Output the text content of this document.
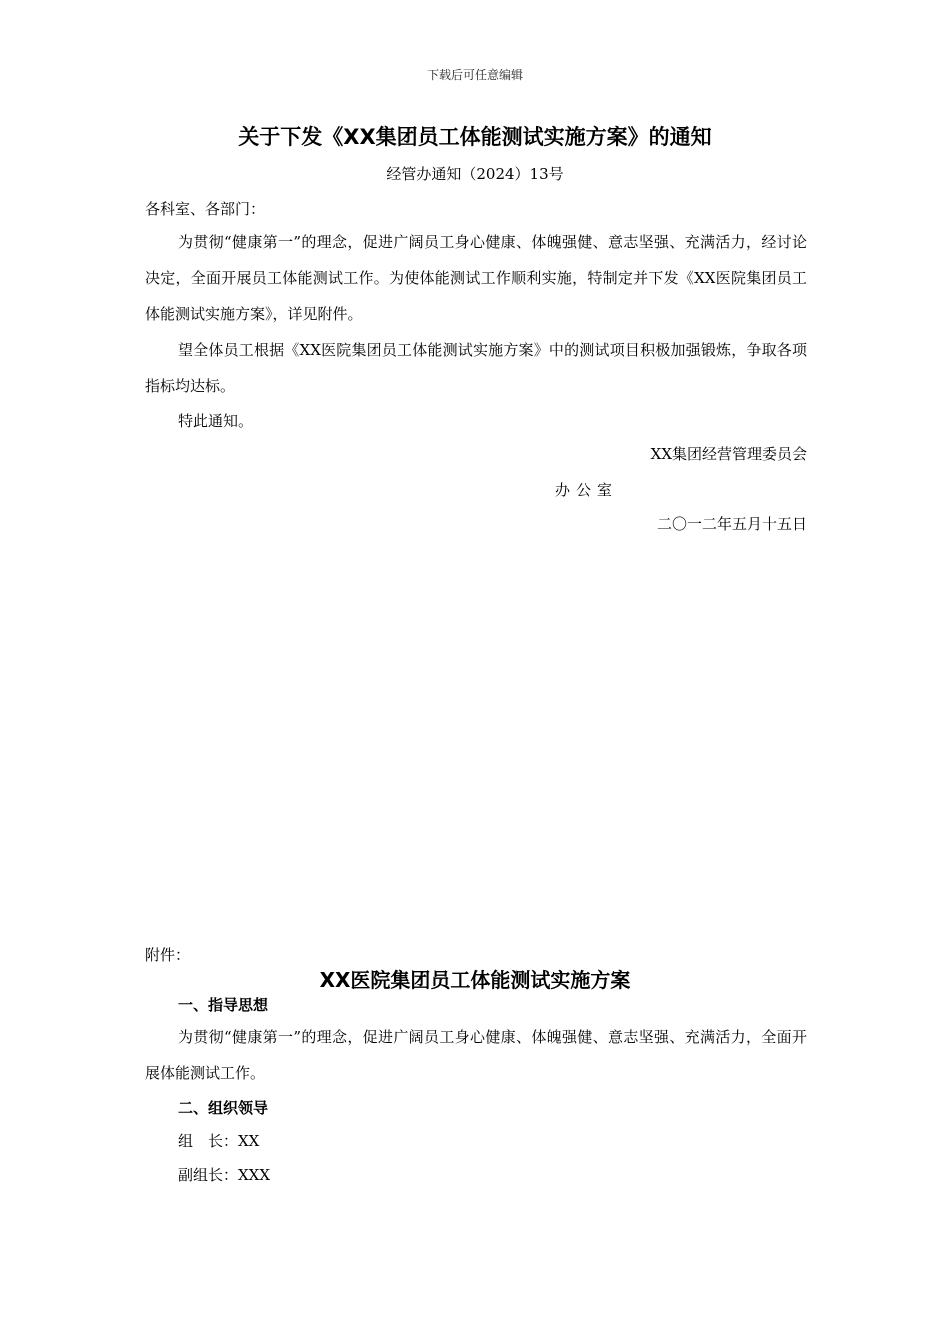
下载后可任意编辑
关于下发《XX集团员工体能测试实施方案》的通知
经管办通知（2024）13号
各科室、各部门：
为贯彻“健康第一”的理念，促进广阔员工身心健康、体魄强健、意志坚强、充满活力，经讨论决定，全面开展员工体能测试工作。为使体能测试工作顺利实施，特制定并下发《XX医院集团员工体能测试实施方案》，详见附件。
望全体员工根据《XX医院集团员工体能测试实施方案》中的测试项目积极加强锻炼，争取各项指标均达标。
特此通知。
XX集团经营管理委员会
办公室
二〇一二年五月十五日
附件：
XX医院集团员工体能测试实施方案
一、指导思想
为贯彻“健康第一”的理念，促进广阔员工身心健康、体魄强健、意志坚强、充满活力，全面开展体能测试工作。
二、组织领导
组　长：XX
副组长：XXX
